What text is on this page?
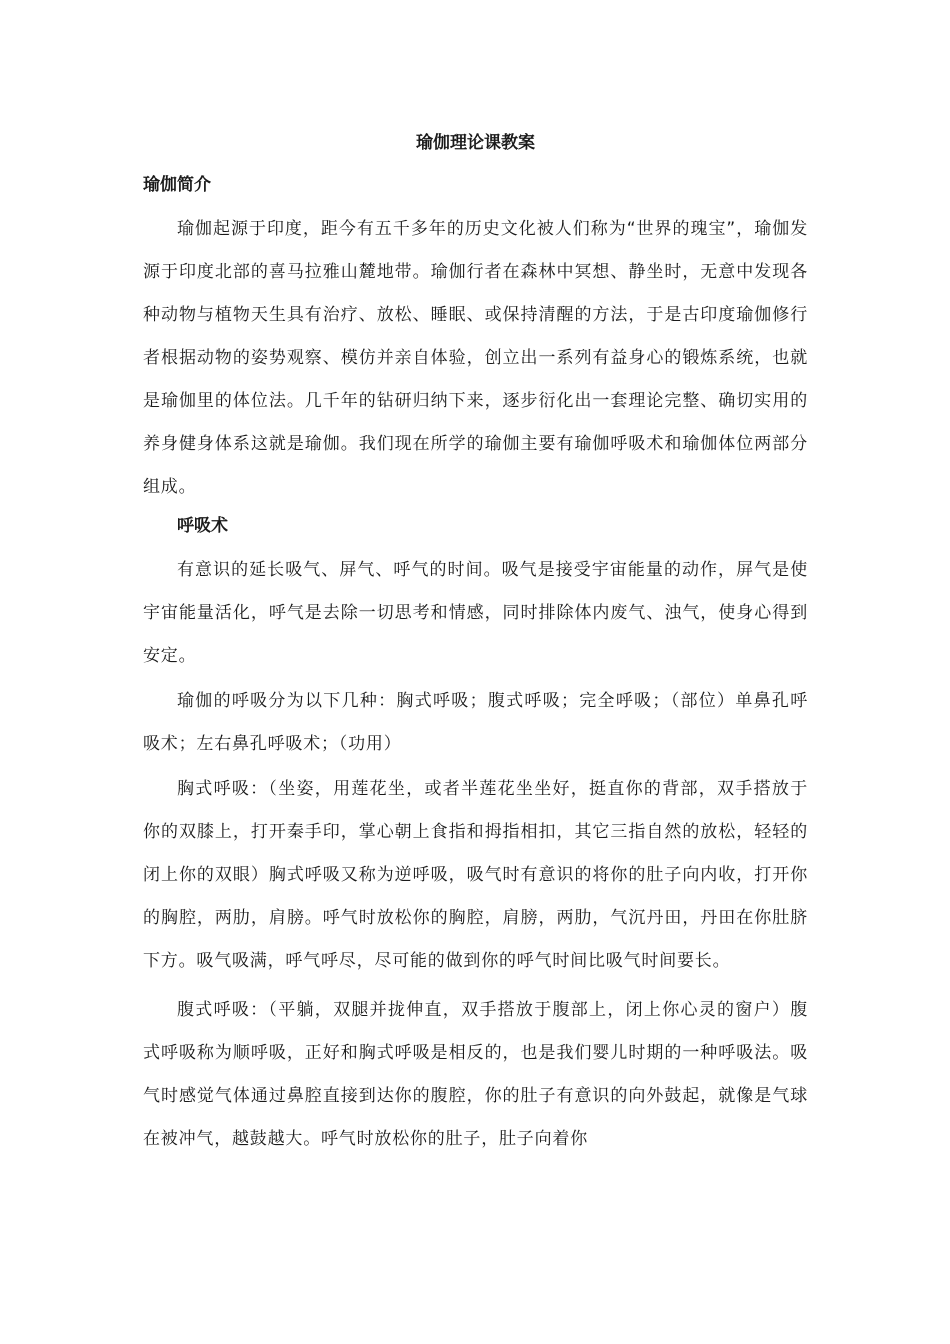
瑜伽理论课教案
瑜伽简介

瑜伽起源于印度，距今有五千多年的历史文化被人们称为“世界的瑰宝”，瑜伽发源于印度北部的喜马拉雅山麓地带。瑜伽行者在森林中冥想、静坐时，无意中发现各种动物与植物天生具有治疗、放松、睡眠、或保持清醒的方法，于是古印度瑜伽修行者根据动物的姿势观察、模仿并亲自体验，创立出一系列有益身心的锻炼系统，也就是瑜伽里的体位法。几千年的钻研归纳下来，逐步衍化出一套理论完整、确切实用的养身健身体系这就是瑜伽。我们现在所学的瑜伽主要有瑜伽呼吸术和瑜伽体位两部分组成。

呼吸术

有意识的延长吸气、屏气、呼气的时间。吸气是接受宇宙能量的动作，屏气是使宇宙能量活化，呼气是去除一切思考和情感，同时排除体内废气、浊气，使身心得到安定。

瑜伽的呼吸分为以下几种：胸式呼吸；腹式呼吸；完全呼吸；（部位）单鼻孔呼吸术；左右鼻孔呼吸术；（功用）

胸式呼吸：（坐姿，用莲花坐，或者半莲花坐坐好，挺直你的背部，双手搭放于你的双膝上，打开秦手印，掌心朝上食指和拇指相扣，其它三指自然的放松，轻轻的闭上你的双眼）胸式呼吸又称为逆呼吸，吸气时有意识的将你的肚子向内收，打开你的胸腔，两肋，肩膀。呼气时放松你的胸腔，肩膀，两肋，气沉丹田，丹田在你肚脐下方。吸气吸满，呼气呼尽，尽可能的做到你的呼气时间比吸气时间要长。

腹式呼吸：（平躺，双腿并拢伸直，双手搭放于腹部上，闭上你心灵的窗户）腹式呼吸称为顺呼吸，正好和胸式呼吸是相反的，也是我们婴儿时期的一种呼吸法。吸气时感觉气体通过鼻腔直接到达你的腹腔，你的肚子有意识的向外鼓起，就像是气球在被冲气，越鼓越大。呼气时放松你的肚子，肚子向着你
